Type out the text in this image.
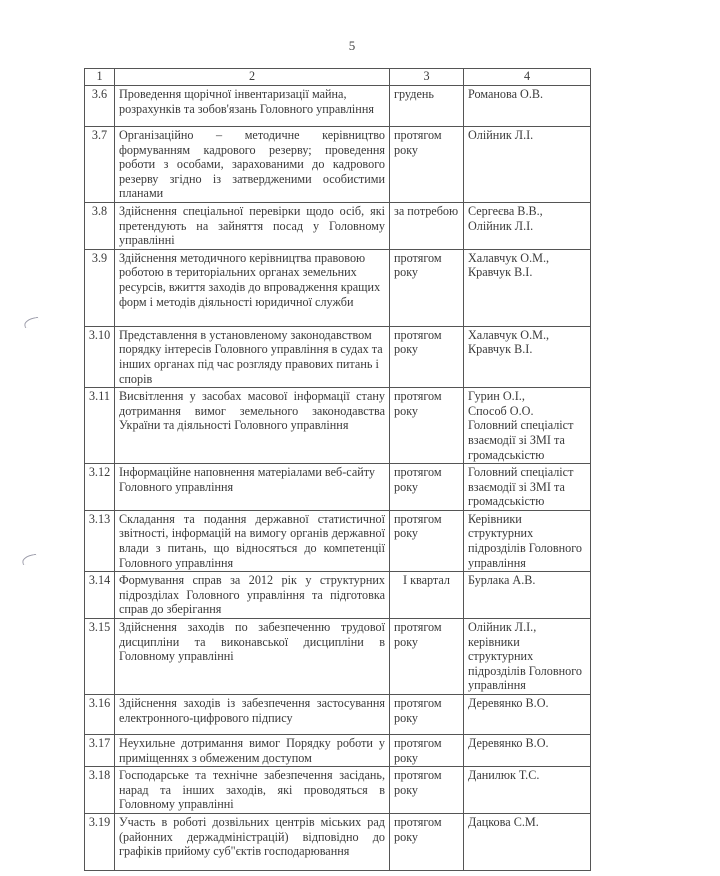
5
1	2	3	4
3.6	Проведення щорічної інвентаризації майна, розрахунків та зобов'язань Головного управління	грудень	Романова О.В.

3.7	Організаційно – методичне керівництво формуванням кадрового резерву; проведення роботи з особами, зарахованими до кадрового резерву згідно із затвердженими особистими планами	протягом року	Олійник Л.І.

3.8	Здійснення спеціальної перевірки щодо осіб, які претендують на зайняття посад у Головному управлінні	за потребою	Сергеєва В.В.,
Олійник Л.І.

3.9	Здійснення методичного керівництва правовою роботою в територіальних органах земельних ресурсів, вжиття заходів до впровадження кращих форм і методів діяльності юридичної служби	протягом року	Халавчук О.М.,
Кравчук В.І.

3.10	Представлення в установленому законодавством порядку інтересів Головного управління в судах та інших органах під час розгляду правових питань і спорів	протягом року	Халавчук О.М.,
Кравчук В.І.

3.11	Висвітлення у засобах масової інформації стану дотримання вимог земельного законодавства України та діяльності Головного управління	протягом року	Гурин О.І.,
Способ О.О.
Головний спеціаліст взаємодії зі ЗМІ та громадськістю

3.12	Інформаційне наповнення матеріалами веб-сайту Головного управління	протягом року	Головний спеціаліст взаємодії зі ЗМІ та громадськістю

3.13	Складання та подання державної статистичної звітності, інформацій на вимогу органів державної влади з питань, що відносяться до компетенції Головного управління	протягом року	Керівники структурних підрозділів Головного управління

3.14	Формування справ за 2012 рік у структурних підрозділах Головного управління та підготовка справ до зберігання	І квартал	Бурлака А.В.

3.15	Здійснення заходів по забезпеченню трудової дисципліни та виконавської дисципліни в Головному управлінні	протягом року	Олійник Л.І.,
керівники структурних підрозділів Головного управління

3.16	Здійснення заходів із забезпечення застосування електронного-цифрового підпису	протягом року	Деревянко В.О.

3.17	Неухильне дотримання вимог Порядку роботи у приміщеннях з обмеженим доступом	протягом року	Деревянко В.О.

3.18	Господарське та технічне забезпечення засідань, нарад та інших заходів, які проводяться в Головному управлінні	протягом року	Данилюк Т.С.

3.19	Участь в роботі дозвільних центрів міських рад (районних держадміністрацій) відповідно до графіків прийому суб"єктів господарювання	протягом року	Дацкова С.М.
